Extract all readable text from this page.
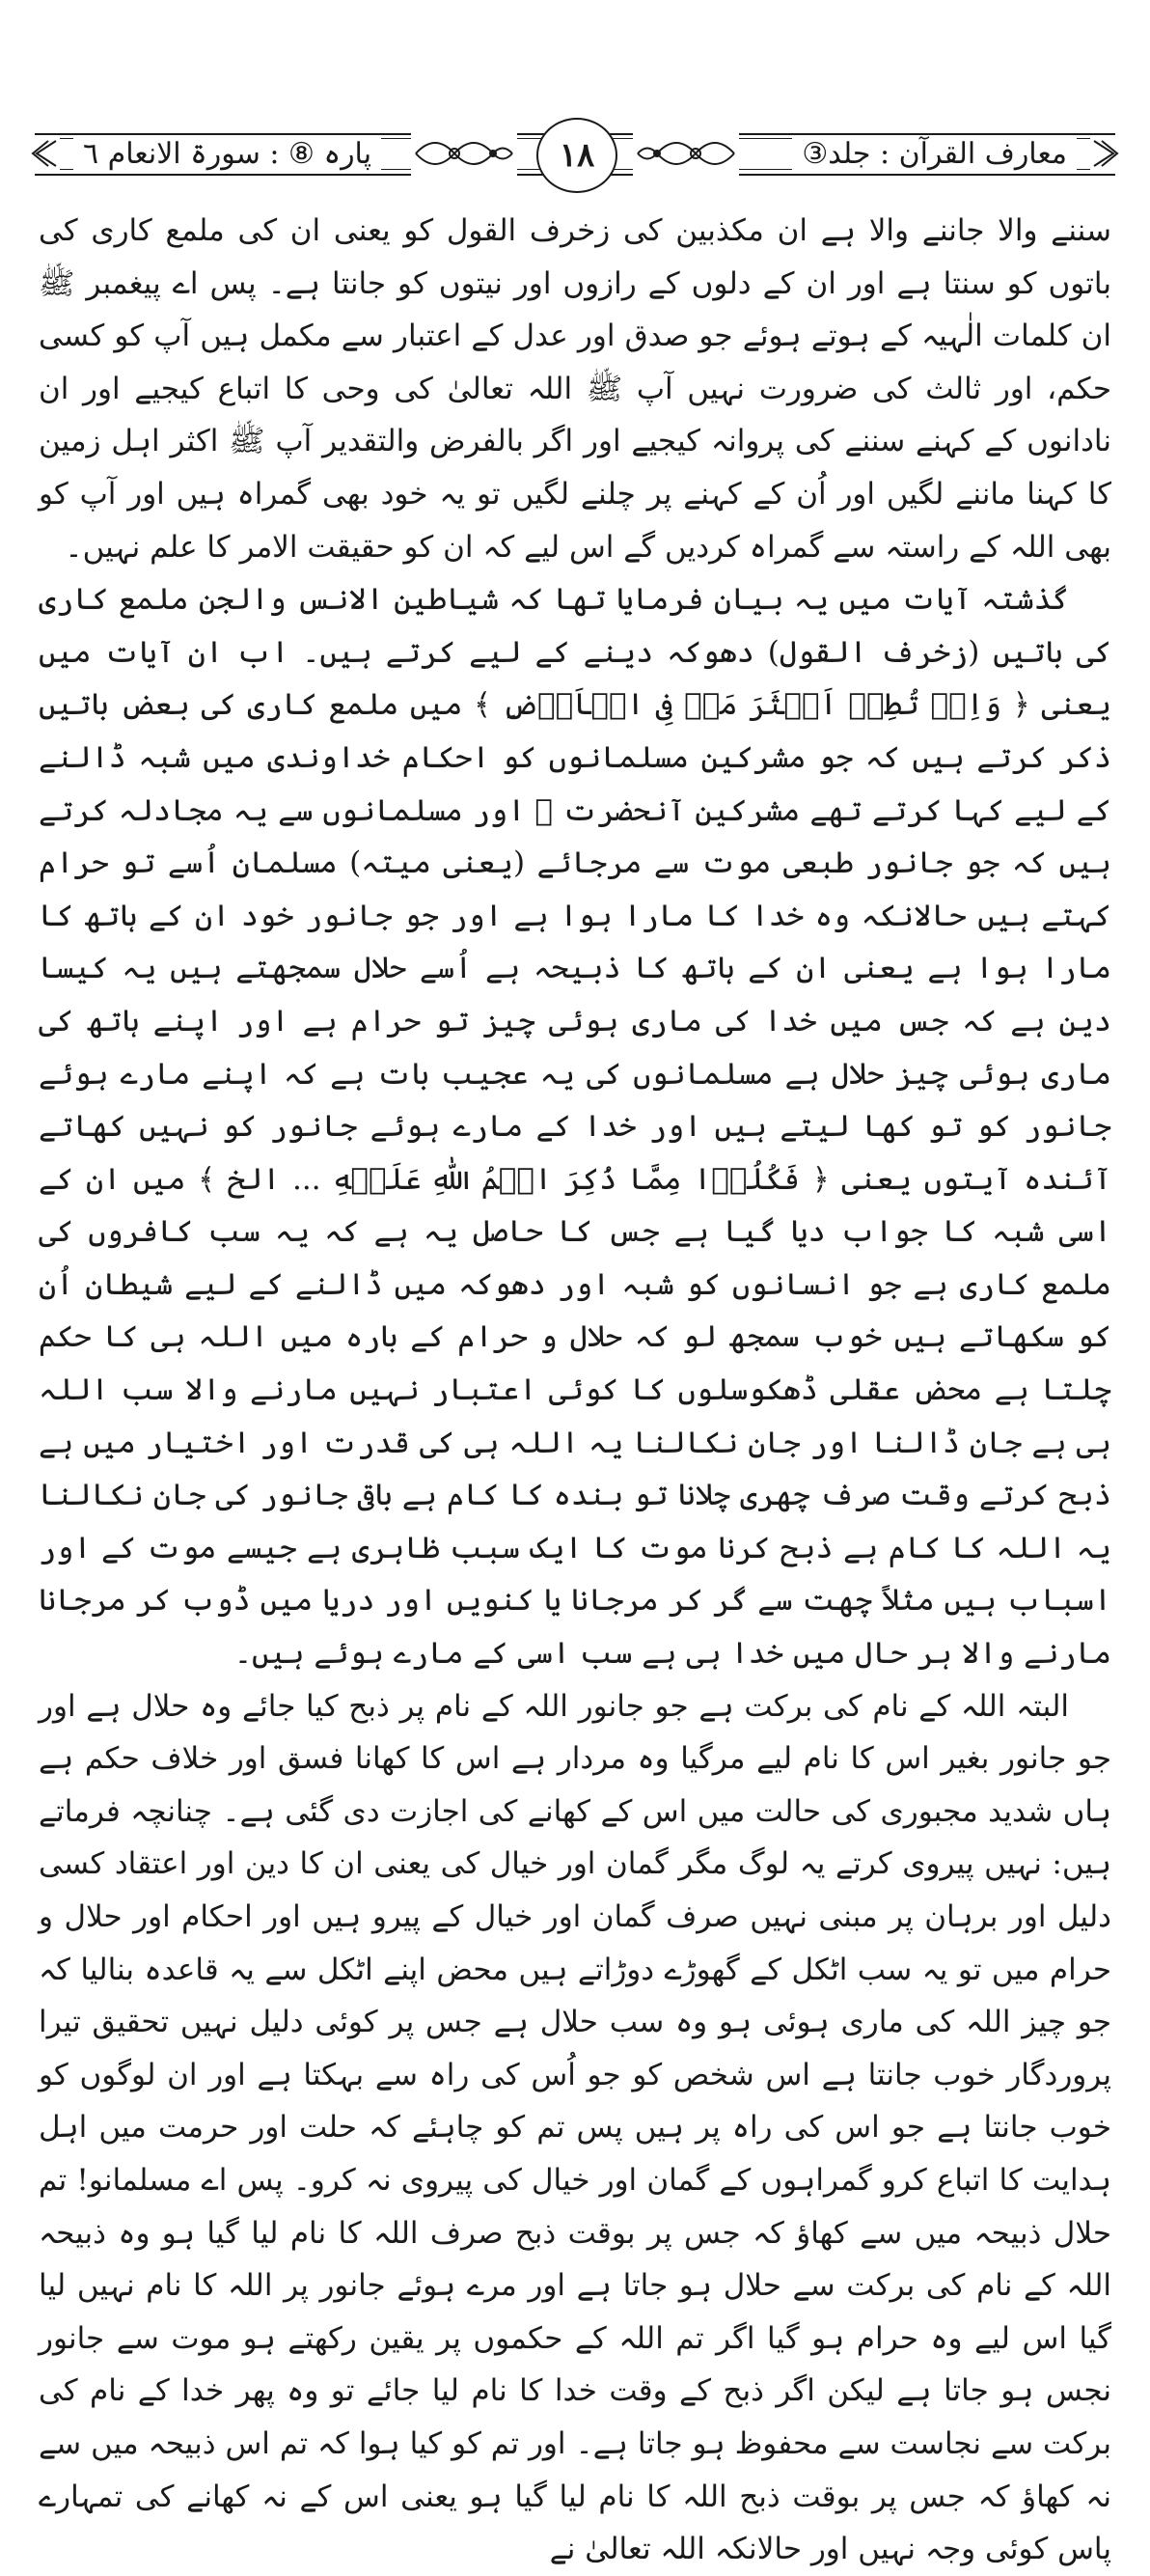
معارف القرآن : جلد③
پارہ ⑧ : سورۃ الانعام ٦	۱۸

سننے والا جاننے والا ہے ان مکذبین کی زخرف القول کو یعنی ان کی ملمع کاری کی باتوں کو سنتا ہے اور ان کے دلوں کے رازوں اور نیتوں کو جانتا ہے۔ پس اے پیغمبر ﷺ ان کلمات الٰہیہ کے ہوتے ہوئے جو صدق اور عدل کے اعتبار سے مکمل ہیں آپ کو کسی حکم، اور ثالث کی ضرورت نہیں آپ ﷺ اللہ تعالیٰ کی وحی کا اتباع کیجیے اور ان نادانوں کے کہنے سننے کی پروانہ کیجیے اور اگر بالفرض والتقدیر آپ ﷺ اکثر اہل زمین کا کہنا ماننے لگیں اور اُن کے کہنے پر چلنے لگیں تو یہ خود بھی گمراہ ہیں اور آپ کو بھی اللہ کے راستہ سے گمراہ کردیں گے اس لیے کہ ان کو حقیقت الامر کا علم نہیں۔

گذشتہ آیات میں یہ بیان فرمایا تھا کہ شیاطین الانس والجن ملمع کاری کی باتیں (زخرف القول) دھوکہ دینے کے لیے کرتے ہیں۔ اب ان آیات میں یعنی ﴿ وَاِنۡ تُطِعۡ اَكۡثَرَ مَنۡ فِى الۡاَرۡضِ ﴾ میں ملمع کاری کی بعض باتیں ذکر کرتے ہیں کہ جو مشرکین مسلمانوں کو احکام خداوندی میں شبہ ڈالنے کے لیے کہا کرتے تھے مشرکین آنحضرت ﷺ اور مسلمانوں سے یہ مجادلہ کرتے ہیں کہ جو جانور طبعی موت سے مرجائے (یعنی میتہ) مسلمان اُسے تو حرام کہتے ہیں حالانکہ وہ خدا کا مارا ہوا ہے اور جو جانور خود ان کے ہاتھ کا مارا ہوا ہے یعنی ان کے ہاتھ کا ذبیحہ ہے اُسے حلال سمجھتے ہیں یہ کیسا دین ہے کہ جس میں خدا کی ماری ہوئی چیز تو حرام ہے اور اپنے ہاتھ کی ماری ہوئی چیز حلال ہے مسلمانوں کی یہ عجیب بات ہے کہ اپنے مارے ہوئے جانور کو تو کھا لیتے ہیں اور خدا کے مارے ہوئے جانور کو نہیں کھاتے آئندہ آیتوں یعنی ﴿ فَكُلُوۡا مِمَّا ذُكِرَ اسۡمُ اللّٰهِ عَلَيۡهِ ... الخ ﴾ میں ان کے اسی شبہ کا جواب دیا گیا ہے جس کا حاصل یہ ہے کہ یہ سب کافروں کی ملمع کاری ہے جو انسانوں کو شبہ اور دھوکہ میں ڈالنے کے لیے شیطان اُن کو سکھاتے ہیں خوب سمجھ لو کہ حلال و حرام کے بارہ میں اللہ ہی کا حکم چلتا ہے محض عقلی ڈھکوسلوں کا کوئی اعتبار نہیں مارنے والا سب اللہ ہی ہے جان ڈالنا اور جان نکالنا یہ اللہ ہی کی قدرت اور اختیار میں ہے ذبح کرتے وقت صرف چھری چلانا تو بندہ کا کام ہے باقی جانور کی جان نکالنا یہ اللہ کا کام ہے ذبح کرنا موت کا ایک سبب ظاہری ہے جیسے موت کے اور اسباب ہیں مثلاً چھت سے گر کر مرجانا یا کنویں اور دریا میں ڈوب کر مرجانا مارنے والا ہر حال میں خدا ہی ہے سب اسی کے مارے ہوئے ہیں۔

البتہ اللہ کے نام کی برکت ہے جو جانور اللہ کے نام پر ذبح کیا جائے وہ حلال ہے اور جو جانور بغیر اس کا نام لیے مرگیا وہ مردار ہے اس کا کھانا فسق اور خلاف حکم ہے ہاں شدید مجبوری کی حالت میں اس کے کھانے کی اجازت دی گئی ہے۔ چنانچہ فرماتے ہیں: نہیں پیروی کرتے یہ لوگ مگر گمان اور خیال کی یعنی ان کا دین اور اعتقاد کسی دلیل اور برہان پر مبنی نہیں صرف گمان اور خیال کے پیرو ہیں اور احکام اور حلال و حرام میں تو یہ سب اٹکل کے گھوڑے دوڑاتے ہیں محض اپنے اٹکل سے یہ قاعدہ بنالیا کہ جو چیز اللہ کی ماری ہوئی ہو وہ سب حلال ہے جس پر کوئی دلیل نہیں تحقیق تیرا پروردگار خوب جانتا ہے اس شخص کو جو اُس کی راہ سے بہکتا ہے اور ان لوگوں کو خوب جانتا ہے جو اس کی راہ پر ہیں پس تم کو چاہئے کہ حلت اور حرمت میں اہل ہدایت کا اتباع کرو گمراہوں کے گمان اور خیال کی پیروی نہ کرو۔ پس اے مسلمانو! تم حلال ذبیحہ میں سے کھاؤ کہ جس پر بوقت ذبح صرف اللہ کا نام لیا گیا ہو وہ ذبیحہ اللہ کے نام کی برکت سے حلال ہو جاتا ہے اور مرے ہوئے جانور پر اللہ کا نام نہیں لیا گیا اس لیے وہ حرام ہو گیا اگر تم اللہ کے حکموں پر یقین رکھتے ہو موت سے جانور نجس ہو جاتا ہے لیکن اگر ذبح کے وقت خدا کا نام لیا جائے تو وہ پھر خدا کے نام کی برکت سے نجاست سے محفوظ ہو جاتا ہے۔ اور تم کو کیا ہوا کہ تم اس ذبیحہ میں سے نہ کھاؤ کہ جس پر بوقت ذبح اللہ کا نام لیا گیا ہو یعنی اس کے نہ کھانے کی تمہارے پاس کوئی وجہ نہیں اور حالانکہ اللہ تعالیٰ نے
